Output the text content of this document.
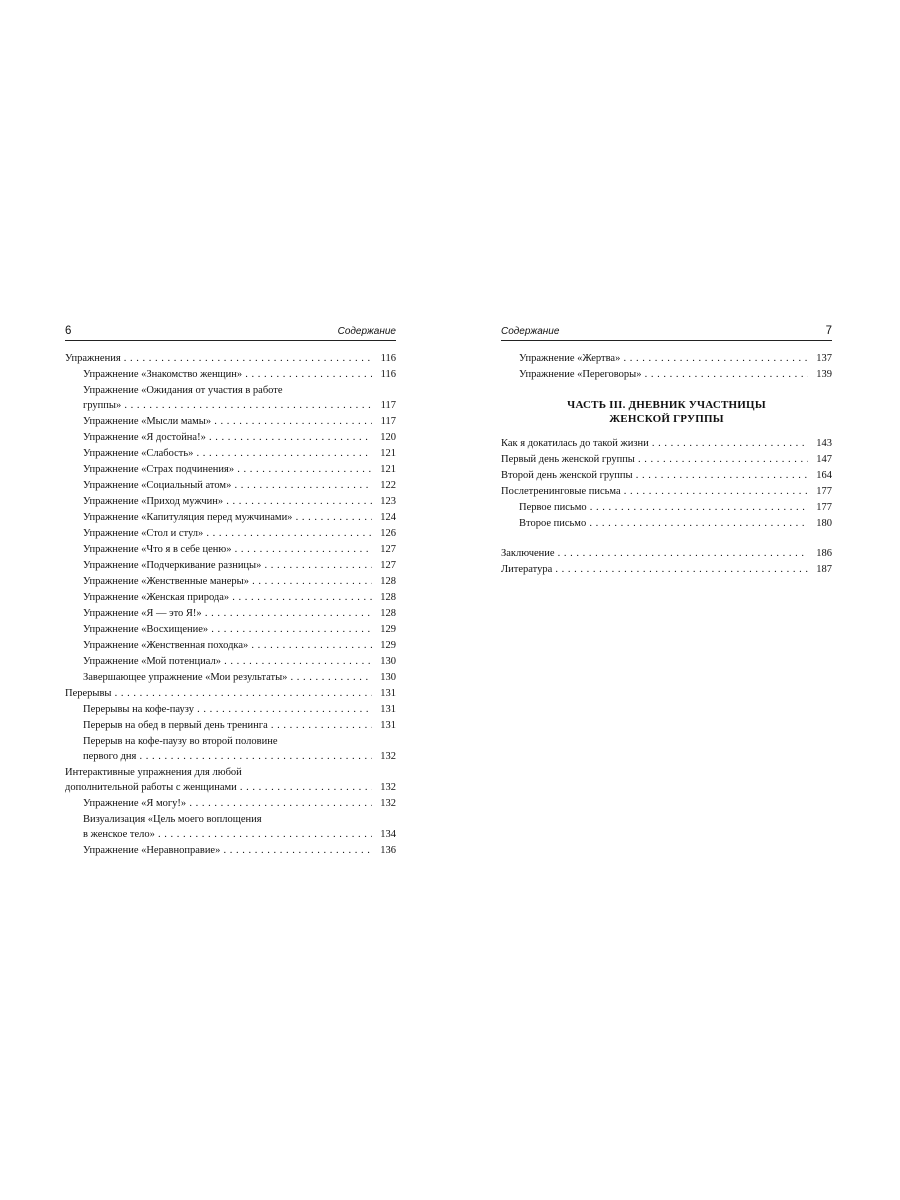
6	Содержание
Упражнения . . .	116
Упражнение «Знакомство женщин» . . .	116
Упражнение «Ожидания от участия в работе
группы» . . .	117
Упражнение «Мысли мамы» . . .	117
Упражнение «Я достойна!» . . .	120
Упражнение «Слабость» . . .	121
Упражнение «Страх подчинения» . . .	121
Упражнение «Социальный атом» . . .	122
Упражнение «Приход мужчин» . . .	123
Упражнение «Капитуляция перед мужчинами» . . .	124
Упражнение «Стол и стул» . . .	126
Упражнение «Что я в себе ценю» . . .	127
Упражнение «Подчеркивание разницы» . . .	127
Упражнение «Женственные манеры» . . .	128
Упражнение «Женская природа» . . .	128
Упражнение «Я — это Я!» . . .	128
Упражнение «Восхищение» . . .	129
Упражнение «Женственная походка» . . .	129
Упражнение «Мой потенциал» . . .	130
Завершающее упражнение «Мои результаты» . . .	130
Перерывы . . .	131
Перерывы на кофе-паузу . . .	131
Перерыв на обед в первый день тренинга . . .	131
Перерыв на кофе-паузу во второй половине
первого дня . . .	132
Интерактивные упражнения для любой
дополнительной работы с женщинами . . .	132
Упражнение «Я могу!» . . .	132
Визуализация «Цель моего воплощения
в женское тело» . . .	134
Упражнение «Неравноправие» . . .	136
Содержание	7
Упражнение «Жертва» . . .	137
Упражнение «Переговоры» . . .	139
ЧАСТЬ III. ДНЕВНИК УЧАСТНИЦЫ
ЖЕНСКОЙ ГРУППЫ
Как я докатилась до такой жизни . . .	143
Первый день женской группы . . .	147
Второй день женской группы . . .	164
Послетренинговые письма . . .	177
Первое письмо . . .	177
Второе письмо . . .	180
Заключение . . .	186
Литература . . .	187
